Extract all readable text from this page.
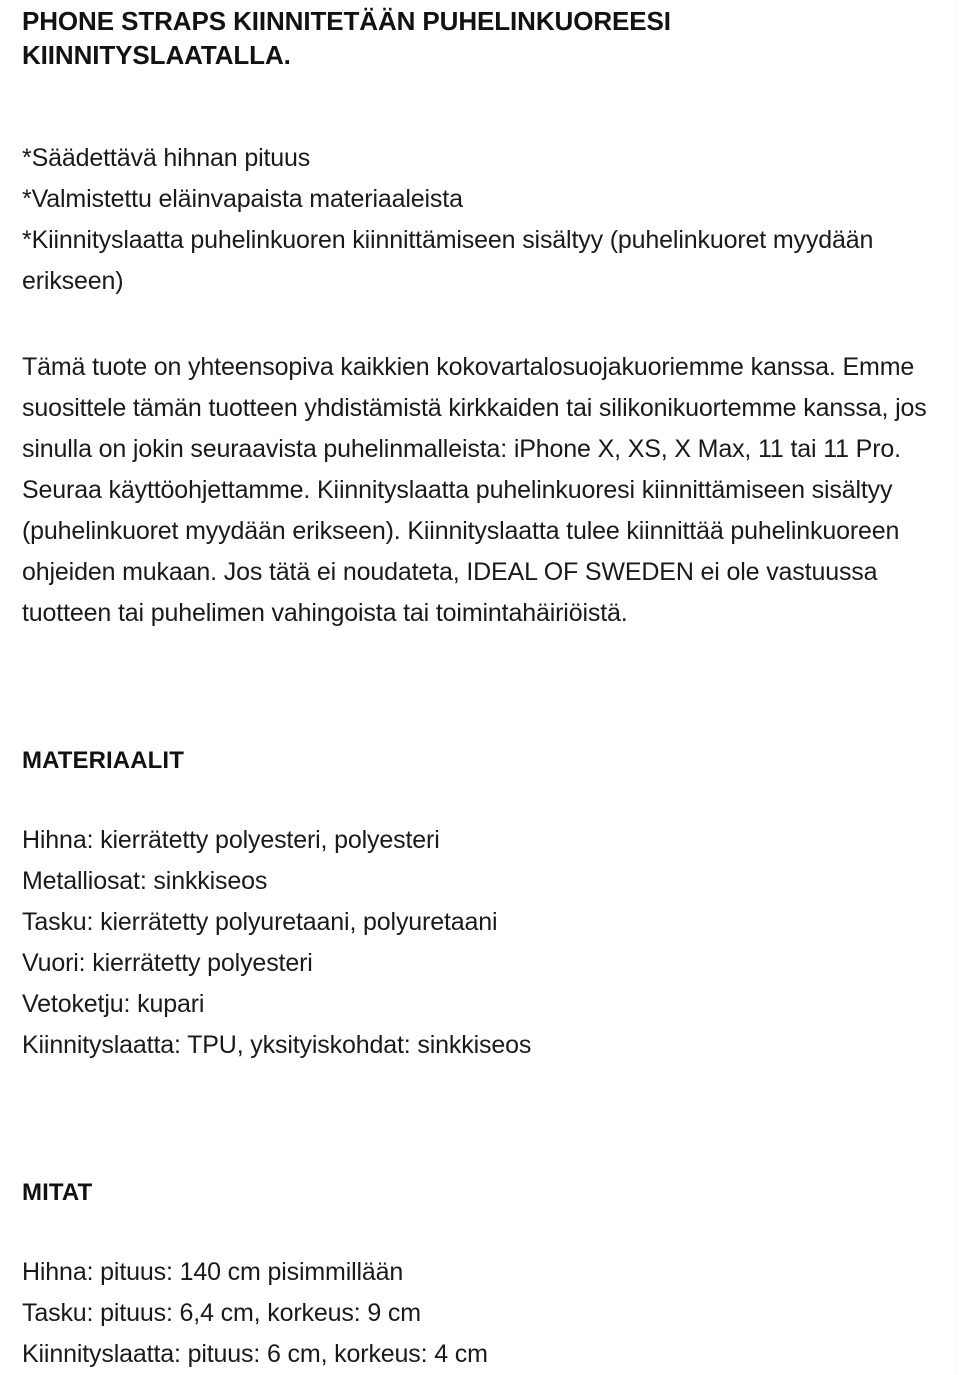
PHONE STRAPS KIINNITETÄÄN PUHELINKUOREESI KIINNITYSLAATALLA.
*Säädettävä hihnan pituus
*Valmistettu eläinvapaista materiaaleista
*Kiinnityslaatta puhelinkuoren kiinnittämiseen sisältyy (puhelinkuoret myydään erikseen)

Tämä tuote on yhteensopiva kaikkien kokovartalosuojakuoriemme kanssa. Emme suosittele tämän tuotteen yhdistämistä kirkkaiden tai silikonikuortemme kanssa, jos sinulla on jokin seuraavista puhelinmalleista: iPhone X, XS, X Max, 11 tai 11 Pro. Seuraa käyttöohjettamme. Kiinnityslaatta puhelinkuoresi kiinnittämiseen sisältyy (puhelinkuoret myydään erikseen). Kiinnityslaatta tulee kiinnittää puhelinkuoreen ohjeiden mukaan. Jos tätä ei noudateta, IDEAL OF SWEDEN ei ole vastuussa tuotteen tai puhelimen vahingoista tai toimintahäiriöistä.

MATERIAALIT
Hihna: kierrätetty polyesteri, polyesteri
Metalliosat: sinkkiseos
Tasku: kierrätetty polyuretaani, polyuretaani
Vuori: kierrätetty polyesteri
Vetoketju: kupari
Kiinnityslaatta: TPU, yksityiskohdat: sinkkiseos
MITAT
Hihna: pituus: 140 cm pisimmillään
Tasku: pituus: 6,4 cm, korkeus: 9 cm
Kiinnityslaatta: pituus: 6 cm, korkeus: 4 cm
